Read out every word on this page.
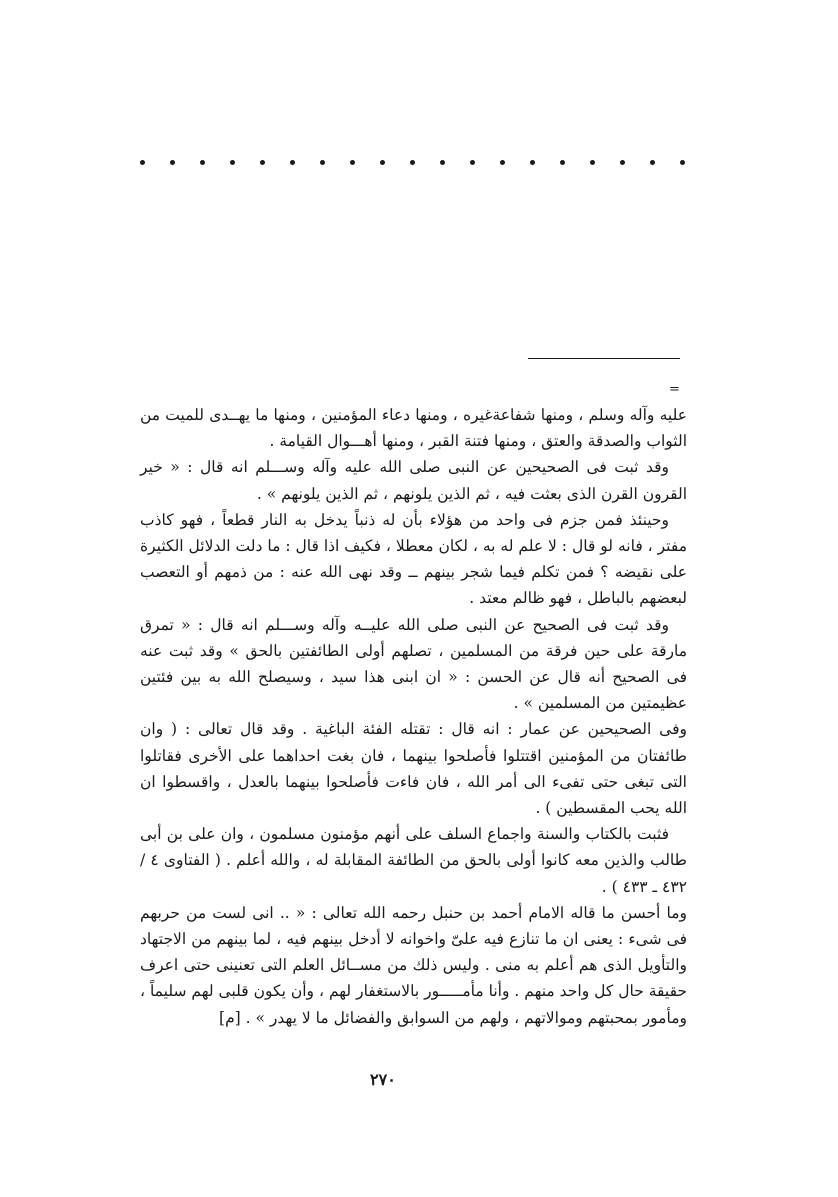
=

عليه وآله وسلم ، ومنها شفاعةغيره ، ومنها دعاء المؤمنين ، ومنها ما يهــدى للميت من الثواب والصدقة والعتق ، ومنها فتنة القبر ، ومنها أهـــوال القيامة .

وقد ثبت فى الصحيحين عن النبى صلى الله عليه وآله وســـلم انه قال : « خير القرون القرن الذى بعثت فيه ، ثم الذين يلونهم ، ثم الذين يلونهم » .

وحينئذ فمن جزم فى واحد من هؤلاء بأن له ذنباً يدخل به النار قطعاً ، فهو كاذب مفتر ، فانه لو قال : لا علم له به ، لكان معطلا ، فكيف اذا قال : ما دلت الدلائل الكثيرة على نقيضه ؟ فمن تكلم فيما شجر بينهم ــ وقد نهى الله عنه : من ذمهم أو التعصب لبعضهم بالباطل ، فهو ظالم معتد .

وقد ثبت فى الصحيح عن النبى صلى الله عليــه وآله وســـلم انه قال : « تمرق مارقة على حين فرقة من المسلمين ، تصلهم أولى الطائفتين بالحق » وقد ثبت عنه فى الصحيح أنه قال عن الحسن : « ان ابنى هذا سيد ، وسيصلح الله به بين فئتين عظيمتين من المسلمين » .

وفى الصحيحين عن عمار : انه قال : تقتله الفئة الباغية . وقد قال تعالى : ( وان طائفتان من المؤمنين اقتتلوا فأصلحوا بينهما ، فان بغت احداهما على الأخرى فقاتلوا التى تبغى حتى تفىء الى أمر الله ، فان فاءت فأصلحوا بينهما بالعدل ، واقسطوا ان الله يحب المقسطين ) .

فثبت بالكتاب والسنة واجماع السلف على أنهم مؤمنون مسلمون ، وان على بن أبى طالب والذين معه كانوا أولى بالحق من الطائفة المقابلة له ، والله أعلم . ( الفتاوى ٤ / ٤٣٢ ـ ٤٣٣ ) .

وما أحسن ما قاله الامام أحمد بن حنبل رحمه الله تعالى : « .. انى لست من حربهم فى شىء : يعنى ان ما تنازع فيه علىّ واخوانه لا أدخل بينهم فيه ، لما بينهم من الاجتهاد والتأويل الذى هم أعلم به منى . وليس ذلك من مســائل العلم التى تعنينى حتى اعرف حقيقة حال كل واحد منهم . وأنا مأمـــــور بالاستغفار لهم ، وأن يكون قلبى لهم سليماً ، ومأمور بمحبتهم وموالاتهم ، ولهم من السوابق والفضائل ما لا يهدر » . [م]

٢٧٠
